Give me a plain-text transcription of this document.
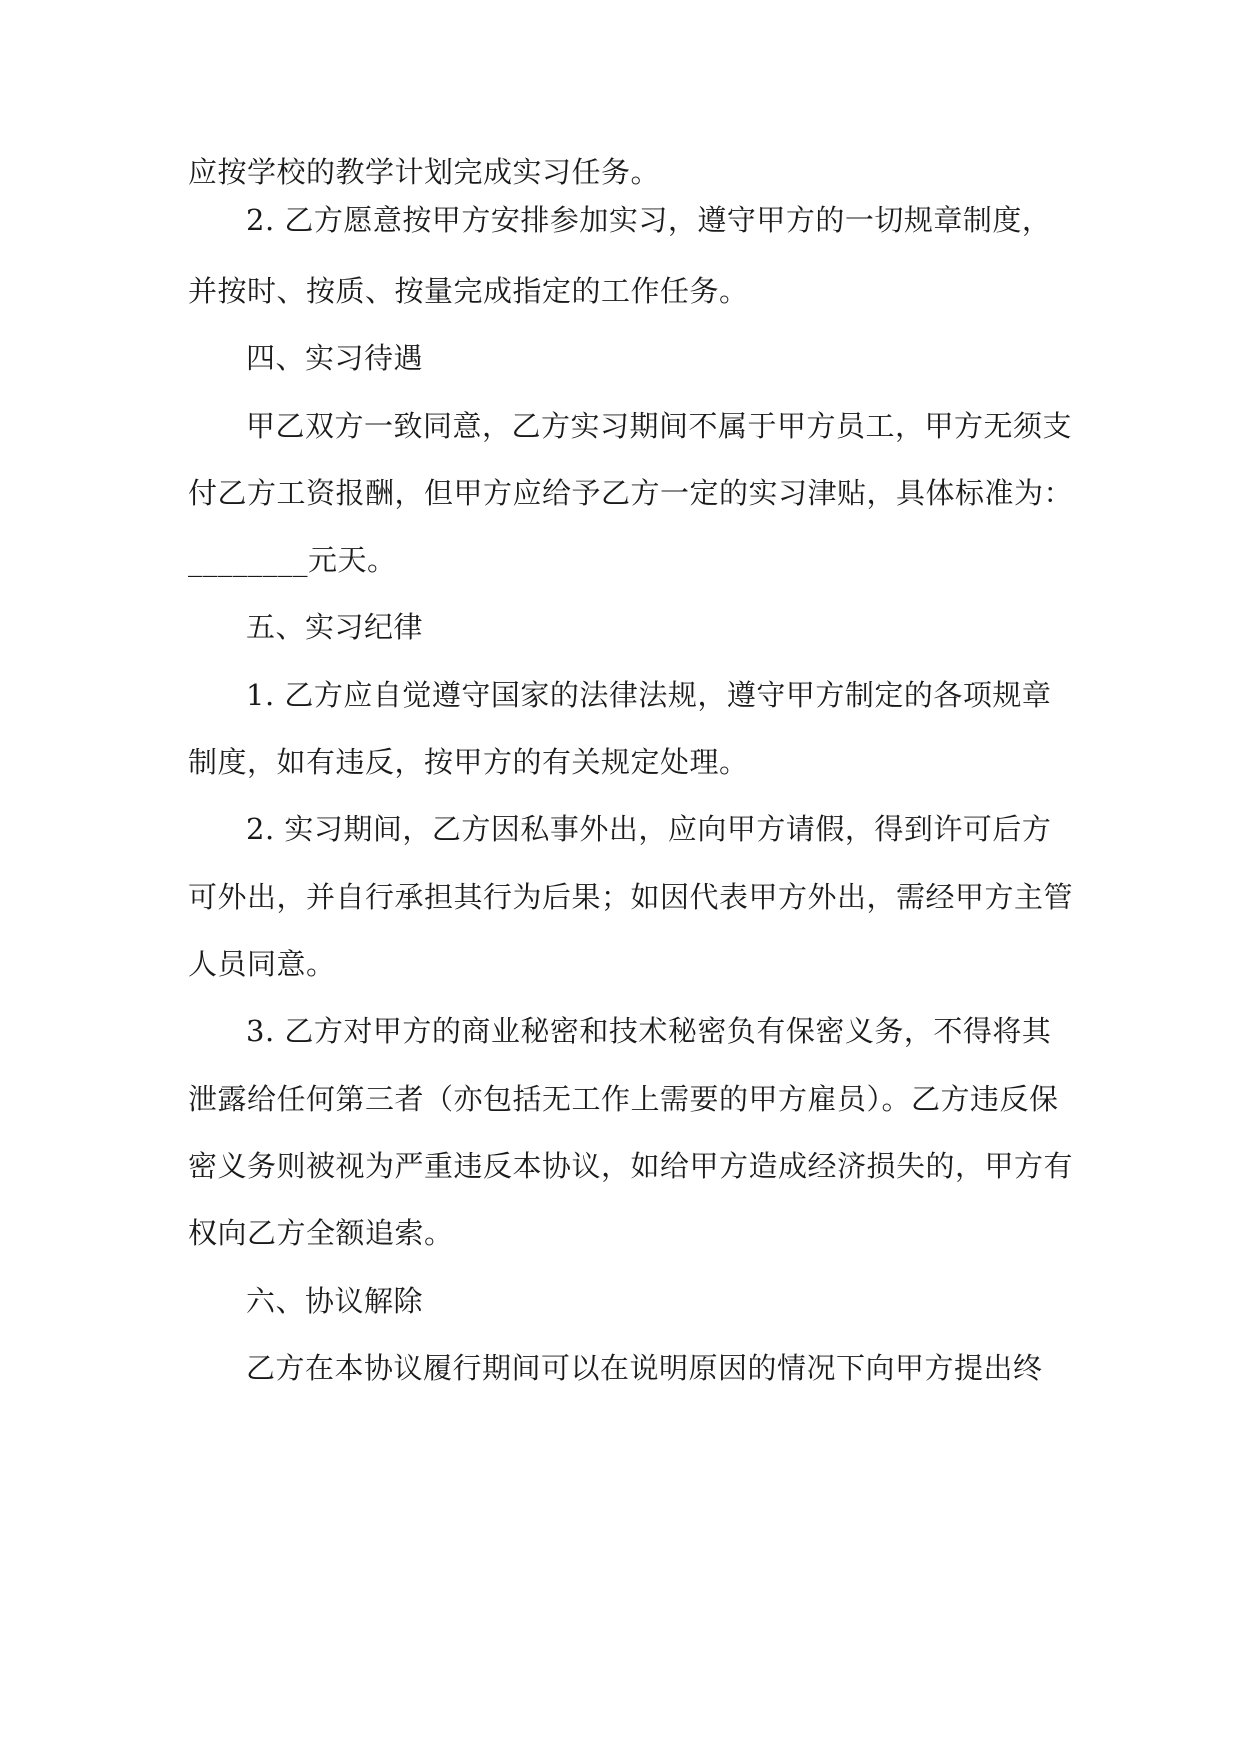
应按学校的教学计划完成实习任务。

2. 乙方愿意按甲方安排参加实习，遵守甲方的一切规章制度，

并按时、按质、按量完成指定的工作任务。

四、实习待遇

甲乙双方一致同意，乙方实习期间不属于甲方员工，甲方无须支

付乙方工资报酬，但甲方应给予乙方一定的实习津贴，具体标准为：

________元天。

五、实习纪律

1. 乙方应自觉遵守国家的法律法规，遵守甲方制定的各项规章

制度，如有违反，按甲方的有关规定处理。

2. 实习期间，乙方因私事外出，应向甲方请假，得到许可后方

可外出，并自行承担其行为后果；如因代表甲方外出，需经甲方主管

人员同意。

3. 乙方对甲方的商业秘密和技术秘密负有保密义务，不得将其

泄露给任何第三者（亦包括无工作上需要的甲方雇员）。乙方违反保

密义务则被视为严重违反本协议，如给甲方造成经济损失的，甲方有

权向乙方全额追索。

六、协议解除

乙方在本协议履行期间可以在说明原因的情况下向甲方提出终
